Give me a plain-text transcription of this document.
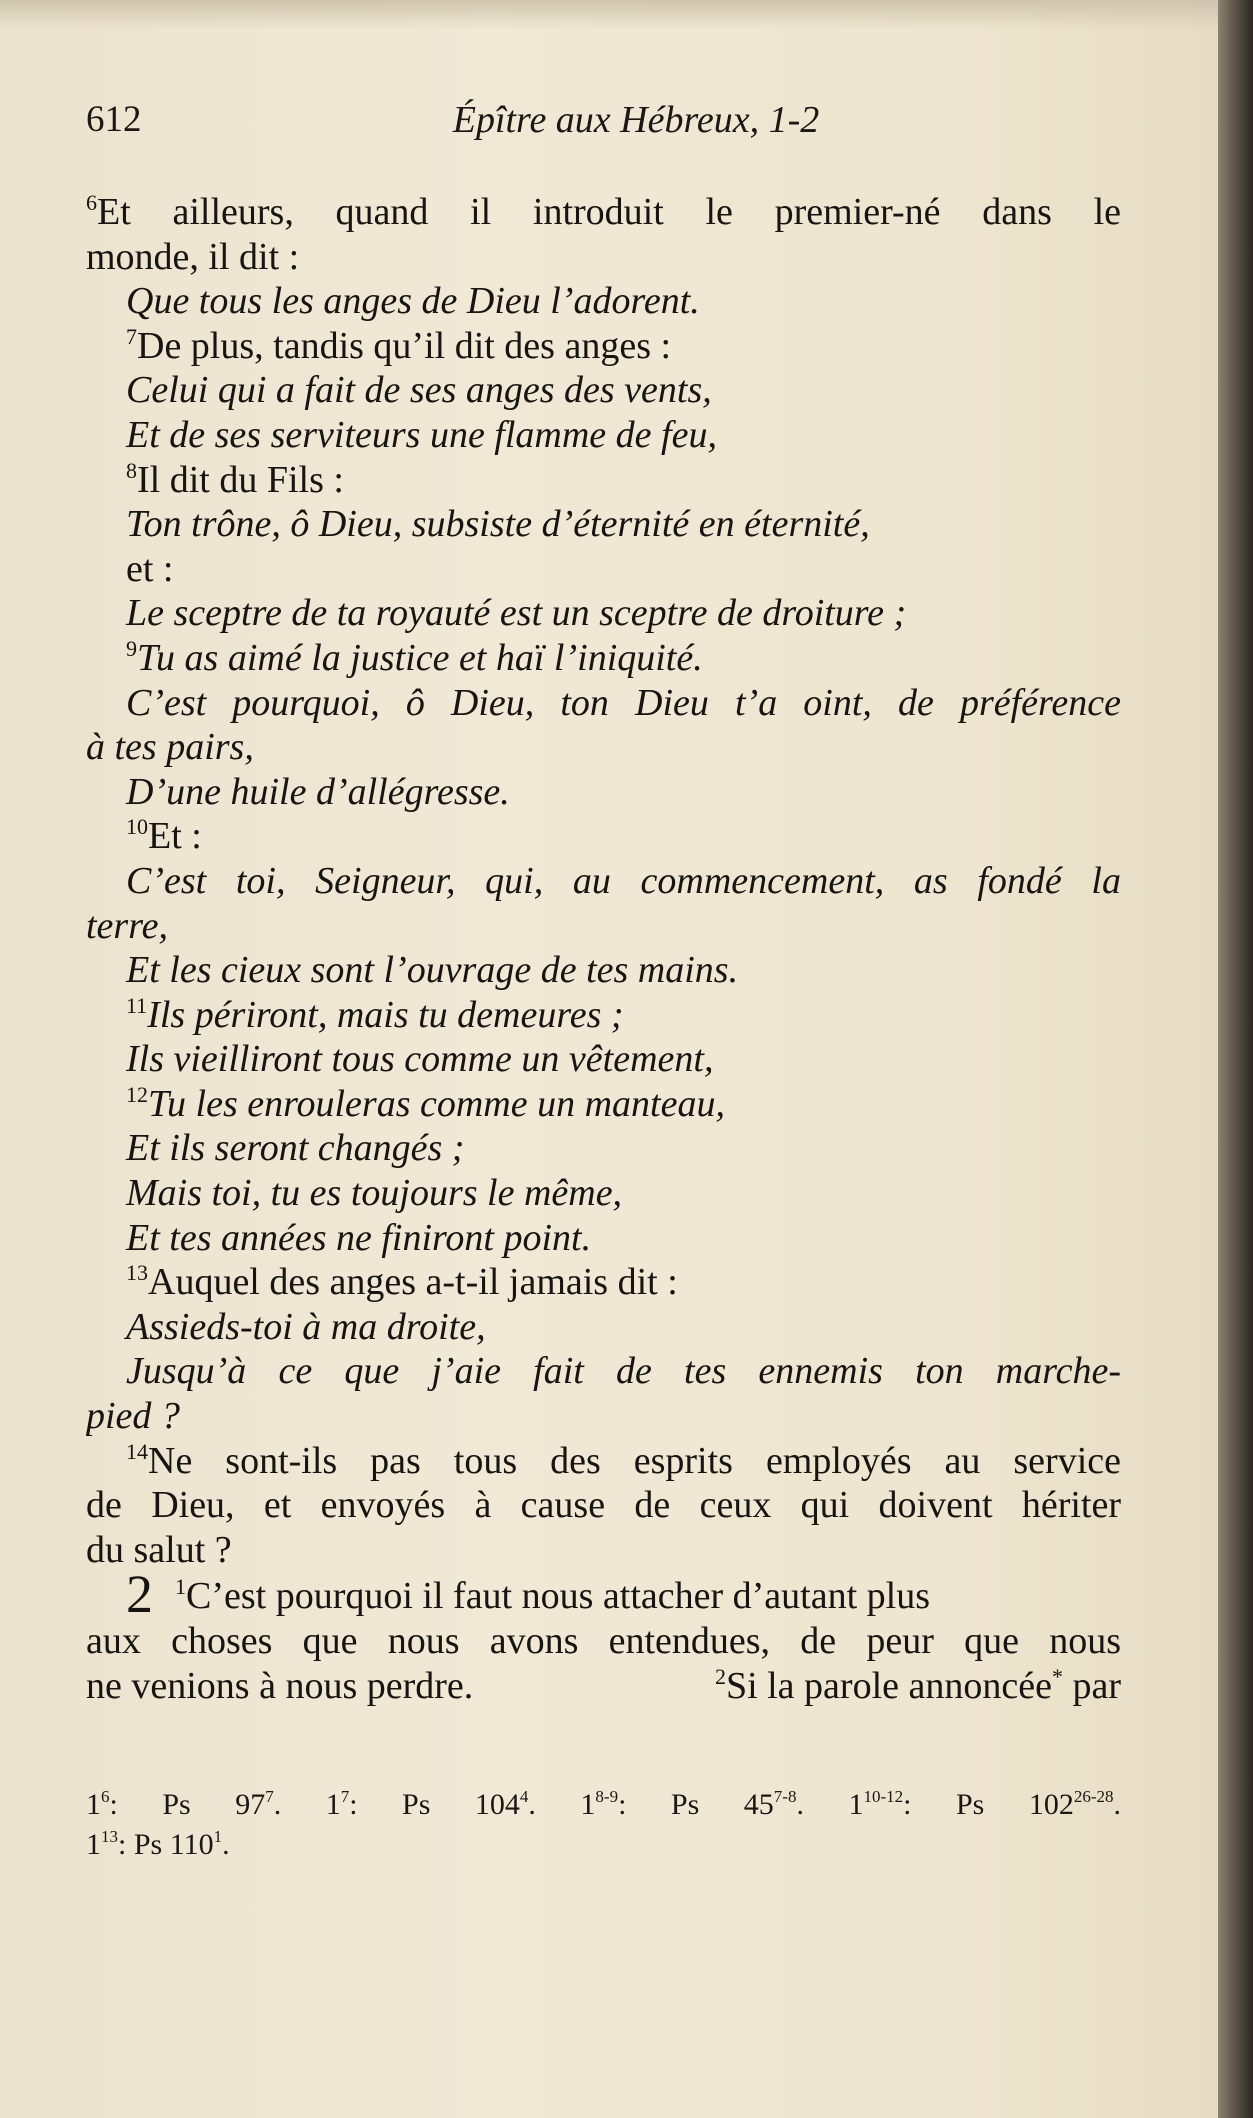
612	Épître aux Hébreux, 1-2
$^6$Et ailleurs, quand il introduit le premier-né dans le
monde, il dit :
Que tous les anges de Dieu l’adorent.
$^7$De plus, tandis qu’il dit des anges :
Celui qui a fait de ses anges des vents,
Et de ses serviteurs une flamme de feu,
$^8$Il dit du Fils :
Ton trône, ô Dieu, subsiste d’éternité en éternité,
et :
Le sceptre de ta royauté est un sceptre de droiture ;
$^9$Tu as aimé la justice et haï l’iniquité.
C’est pourquoi, ô Dieu, ton Dieu t’a oint, de préférence
à tes pairs,
D’une huile d’allégresse.
$^{10}$Et :
C’est toi, Seigneur, qui, au commencement, as fondé la
terre,
Et les cieux sont l’ouvrage de tes mains.
$^{11}$Ils périront, mais tu demeures ;
Ils vieilliront tous comme un vêtement,
$^{12}$Tu les enrouleras comme un manteau,
Et ils seront changés ;
Mais toi, tu es toujours le même,
Et tes années ne finiront point.
$^{13}$Auquel des anges a-t-il jamais dit :
Assieds-toi à ma droite,
Jusqu’à ce que j’aie fait de tes ennemis ton marche-
pied ?
$^{14}$Ne sont-ils pas tous des esprits employés au service
de Dieu, et envoyés à cause de ceux qui doivent hériter
du salut ?
2 $^1$C’est pourquoi il faut nous attacher d’autant plus
aux choses que nous avons entendues, de peur que nous
ne venions à nous perdre.	$^2$Si la parole annoncée* par
$1^6$: Ps $97^7$. $1^7$: Ps $104^4$. 1$^{8-9}$: Ps 45$^{7-8}$. 1$^{10-12}$: Ps 102$^{26-28}$.
$1^{13}$: Ps $110^1$.
